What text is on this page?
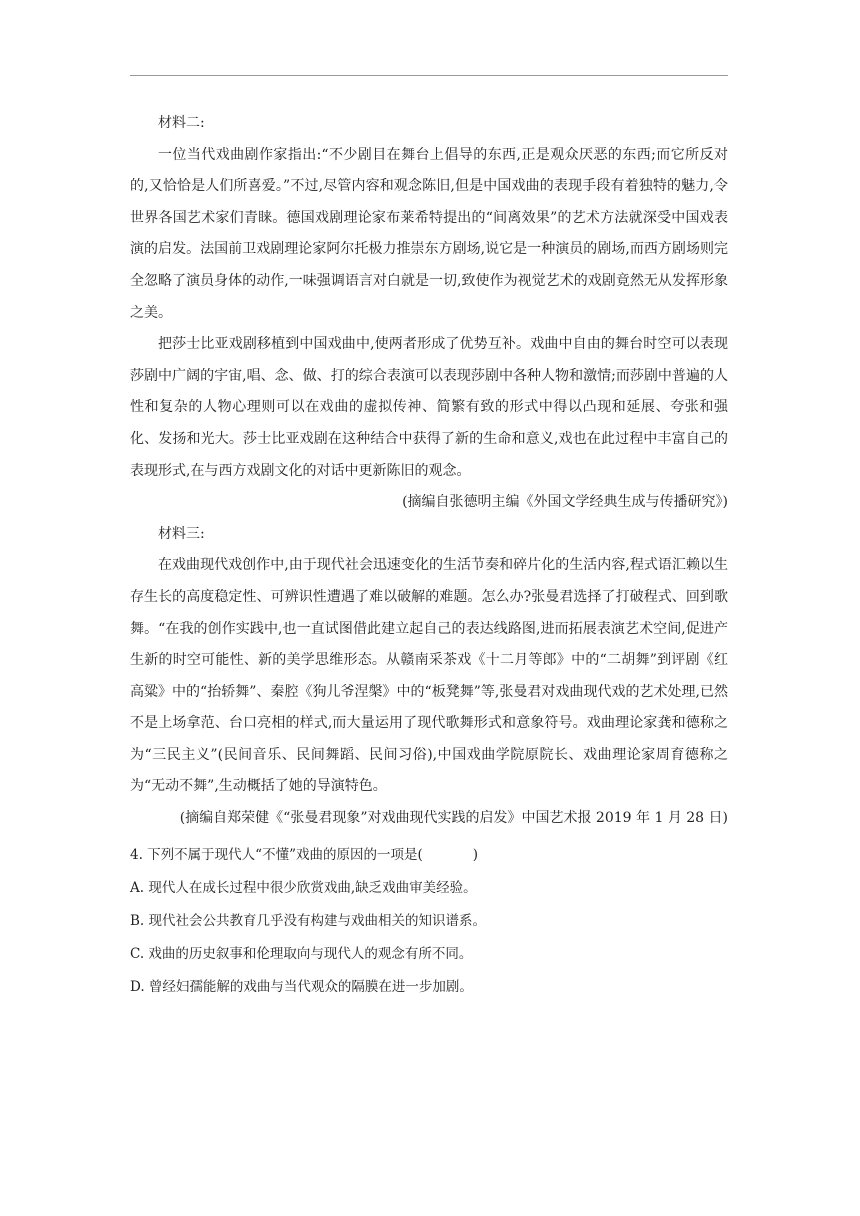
材料二:

一位当代戏曲剧作家指出:“不少剧目在舞台上倡导的东西,正是观众厌恶的东西;而它所反对的,又恰恰是人们所喜爱。”不过,尽管内容和观念陈旧,但是中国戏曲的表现手段有着独特的魅力,令世界各国艺术家们青睐。德国戏剧理论家布莱希特提出的“间离效果”的艺术方法就深受中国戏表演的启发。法国前卫戏剧理论家阿尔托极力推崇东方剧场,说它是一种演员的剧场,而西方剧场则完全忽略了演员身体的动作,一味强调语言对白就是一切,致使作为视觉艺术的戏剧竟然无从发挥形象之美。

把莎士比亚戏剧移植到中国戏曲中,使两者形成了优势互补。戏曲中自由的舞台时空可以表现莎剧中广阔的宇宙,唱、念、做、打的综合表演可以表现莎剧中各种人物和激情;而莎剧中普遍的人性和复杂的人物心理则可以在戏曲的虚拟传神、简繁有致的形式中得以凸现和延展、夸张和强化、发扬和光大。莎士比亚戏剧在这种结合中获得了新的生命和意义,戏也在此过程中丰富自己的表现形式,在与西方戏剧文化的对话中更新陈旧的观念。

(摘编自张德明主编《外国文学经典生成与传播研究》)

材料三:

在戏曲现代戏创作中,由于现代社会迅速变化的生活节奏和碎片化的生活内容,程式语汇赖以生存生长的高度稳定性、可辨识性遭遇了难以破解的难题。怎么办?张曼君选择了打破程式、回到歌舞。“在我的创作实践中,也一直试图借此建立起自己的表达线路图,进而拓展表演艺术空间,促进产生新的时空可能性、新的美学思维形态。从赣南采茶戏《十二月等郎》中的“二胡舞”到评剧《红高粱》中的“抬轿舞”、秦腔《狗儿爷涅槃》中的“板凳舞”等,张曼君对戏曲现代戏的艺术处理,已然不是上场拿范、台口亮相的样式,而大量运用了现代歌舞形式和意象符号。戏曲理论家龚和德称之为“三民主义”(民间音乐、民间舞蹈、民间习俗),中国戏曲学院原院长、戏曲理论家周育德称之为“无动不舞”,生动概括了她的导演特色。

(摘编自郑荣健《“张曼君现象”对戏曲现代实践的启发》中国艺术报 2019 年 1 月 28 日)

4. 下列不属于现代人“不懂”戏曲的原因的一项是(	)

A. 现代人在成长过程中很少欣赏戏曲,缺乏戏曲审美经验。

B. 现代社会公共教育几乎没有构建与戏曲相关的知识谱系。

C. 戏曲的历史叙事和伦理取向与现代人的观念有所不同。

D. 曾经妇孺能解的戏曲与当代观众的隔膜在进一步加剧。
